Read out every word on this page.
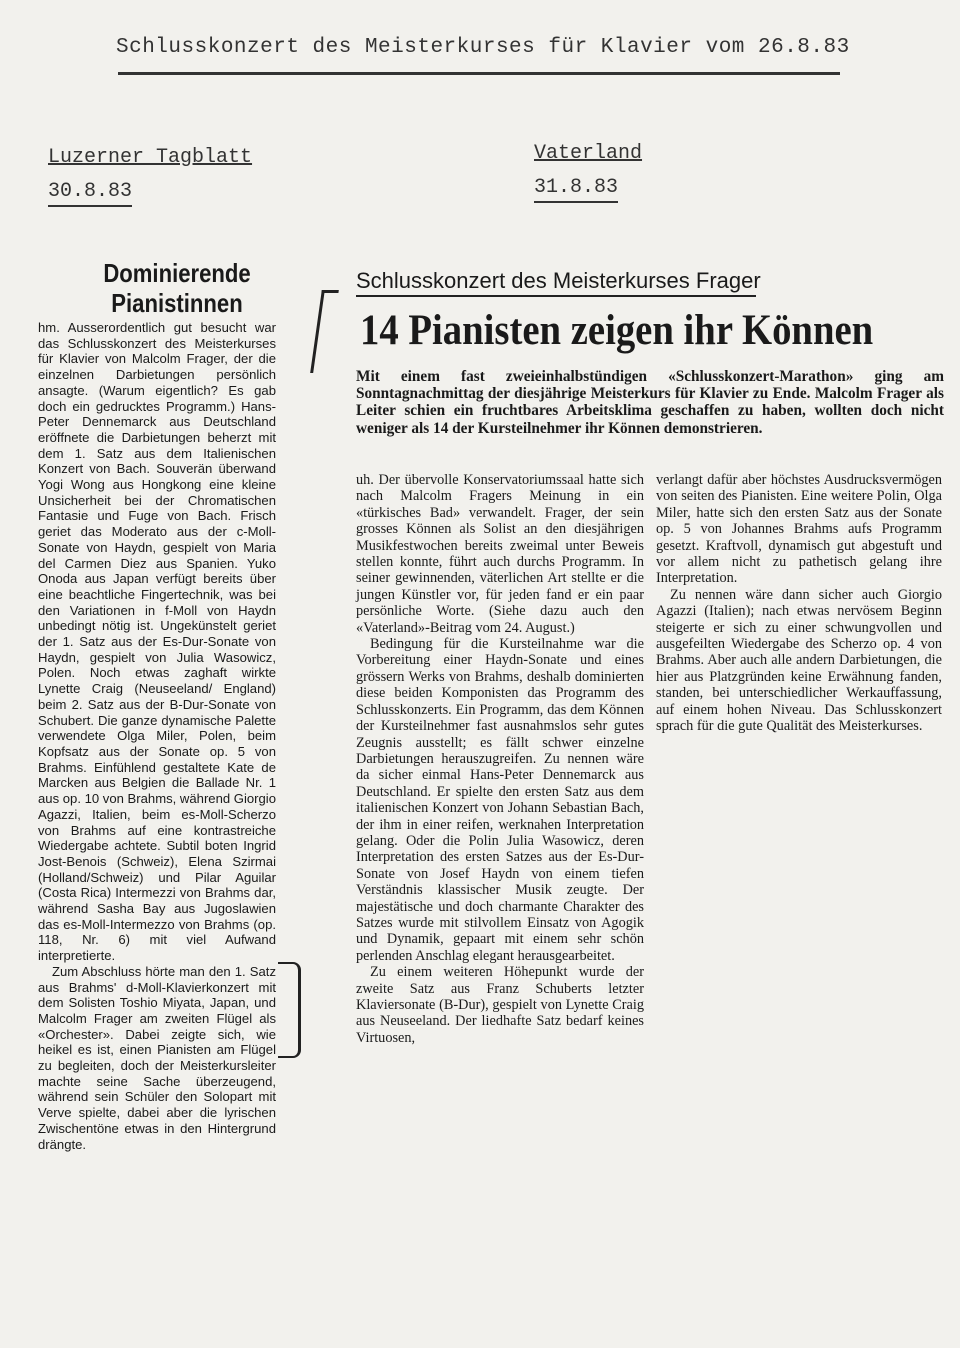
Schlusskonzert des Meisterkurses für Klavier vom 26.8.83
Luzerner Tagblatt
30.8.83
Vaterland
31.8.83
Dominierende
Pianistinnen

hm. Ausserordentlich gut besucht war das Schlusskonzert des Meisterkurses für Klavier von Malcolm Frager, der die einzelnen Darbietungen persönlich ansagte. (Warum eigentlich? Es gab doch ein gedrucktes Programm.) Hans-Peter Dennemarck aus Deutschland eröffnete die Darbietungen beherzt mit dem 1. Satz aus dem Italienischen Konzert von Bach. Souverän überwand Yogi Wong aus Hongkong eine kleine Unsicherheit bei der Chromatischen Fantasie und Fuge von Bach. Frisch geriet das Moderato aus der c-Moll-Sonate von Haydn, gespielt von Maria del Carmen Diez aus Spanien. Yuko Onoda aus Japan verfügt bereits über eine beachtliche Fingertechnik, was bei den Variationen in f-Moll von Haydn unbedingt nötig ist. Ungekünstelt geriet der 1. Satz aus der Es-Dur-Sonate von Haydn, gespielt von Julia Wasowicz, Polen. Noch etwas zaghaft wirkte Lynette Craig (Neuseeland/ England) beim 2. Satz aus der B-Dur-Sonate von Schubert. Die ganze dynamische Palette verwendete Olga Miler, Polen, beim Kopfsatz aus der Sonate op. 5 von Brahms. Einfühlend gestaltete Kate de Marcken aus Belgien die Ballade Nr. 1 aus op. 10 von Brahms, während Giorgio Agazzi, Italien, beim es-Moll-Scherzo von Brahms auf eine kontrastreiche Wiedergabe achtete. Subtil boten Ingrid Jost-Benois (Schweiz), Elena Szirmai (Holland/Schweiz) und Pilar Aguilar (Costa Rica) Intermezzi von Brahms dar, während Sasha Bay aus Jugoslawien das es-Moll-Intermezzo von Brahms (op. 118, Nr. 6) mit viel Aufwand interpretierte.

Zum Abschluss hörte man den 1. Satz aus Brahms' d-Moll-Klavierkonzert mit dem Solisten Toshio Miyata, Japan, und Malcolm Frager am zweiten Flügel als «Orchester». Dabei zeigte sich, wie heikel es ist, einen Pianisten am Flügel zu begleiten, doch der Meisterkursleiter machte seine Sache überzeugend, während sein Schüler den Solopart mit Verve spielte, dabei aber die lyrischen Zwischentöne etwas in den Hintergrund drängte.

Schlusskonzert des Meisterkurses Frager
14 Pianisten zeigen ihr Können
Mit einem fast zweieinhalbstündigen «Schlusskonzert-Marathon» ging am Sonntagnachmittag der diesjährige Meisterkurs für Klavier zu Ende. Malcolm Frager als Leiter schien ein fruchtbares Arbeitsklima geschaffen zu haben, wollten doch nicht weniger als 14 der Kursteilnehmer ihr Können demonstrieren.

uh. Der übervolle Konservatoriumssaal hatte sich nach Malcolm Fragers Meinung in ein «türkisches Bad» verwandelt. Frager, der sein grosses Können als Solist an den diesjährigen Musikfestwochen bereits zweimal unter Beweis stellen konnte, führt auch durchs Programm. In seiner gewinnenden, väterlichen Art stellte er die jungen Künstler vor, für jeden fand er ein paar persönliche Worte. (Siehe dazu auch den «Vaterland»-Beitrag vom 24. August.)

Bedingung für die Kursteilnahme war die Vorbereitung einer Haydn-Sonate und eines grössern Werks von Brahms, deshalb dominierten diese beiden Komponisten das Programm des Schlusskonzerts. Ein Programm, das dem Können der Kursteilnehmer fast ausnahmslos sehr gutes Zeugnis ausstellt; es fällt schwer einzelne Darbietungen herauszugreifen. Zu nennen wäre da sicher einmal Hans-Peter Dennemarck aus Deutschland. Er spielte den ersten Satz aus dem italienischen Konzert von Johann Sebastian Bach, der ihm in einer reifen, werknahen Interpretation gelang. Oder die Polin Julia Wasowicz, deren Interpretation des ersten Satzes aus der Es-Dur-Sonate von Josef Haydn von einem tiefen Verständnis klassischer Musik zeugte. Der majestätische und doch charmante Charakter des Satzes wurde mit stilvollem Einsatz von Agogik und Dynamik, gepaart mit einem sehr schön perlenden Anschlag elegant herausgearbeitet.

Zu einem weiteren Höhepunkt wurde der zweite Satz aus Franz Schuberts letzter Klaviersonate (B-Dur), gespielt von Lynette Craig aus Neuseeland. Der liedhafte Satz bedarf keines Virtuosen,

verlangt dafür aber höchstes Ausdrucksvermögen von seiten des Pianisten. Eine weitere Polin, Olga Miler, hatte sich den ersten Satz aus der Sonate op. 5 von Johannes Brahms aufs Programm gesetzt. Kraftvoll, dynamisch gut abgestuft und vor allem nicht zu pathetisch gelang ihre Interpretation.

Zu nennen wäre dann sicher auch Giorgio Agazzi (Italien); nach etwas nervösem Beginn steigerte er sich zu einer schwungvollen und ausgefeilten Wiedergabe des Scherzo op. 4 von Brahms. Aber auch alle andern Darbietungen, die hier aus Platzgründen keine Erwähnung fanden, standen, bei unterschiedlicher Werkauffassung, auf einem hohen Niveau. Das Schlusskonzert sprach für die gute Qualität des Meisterkurses.
